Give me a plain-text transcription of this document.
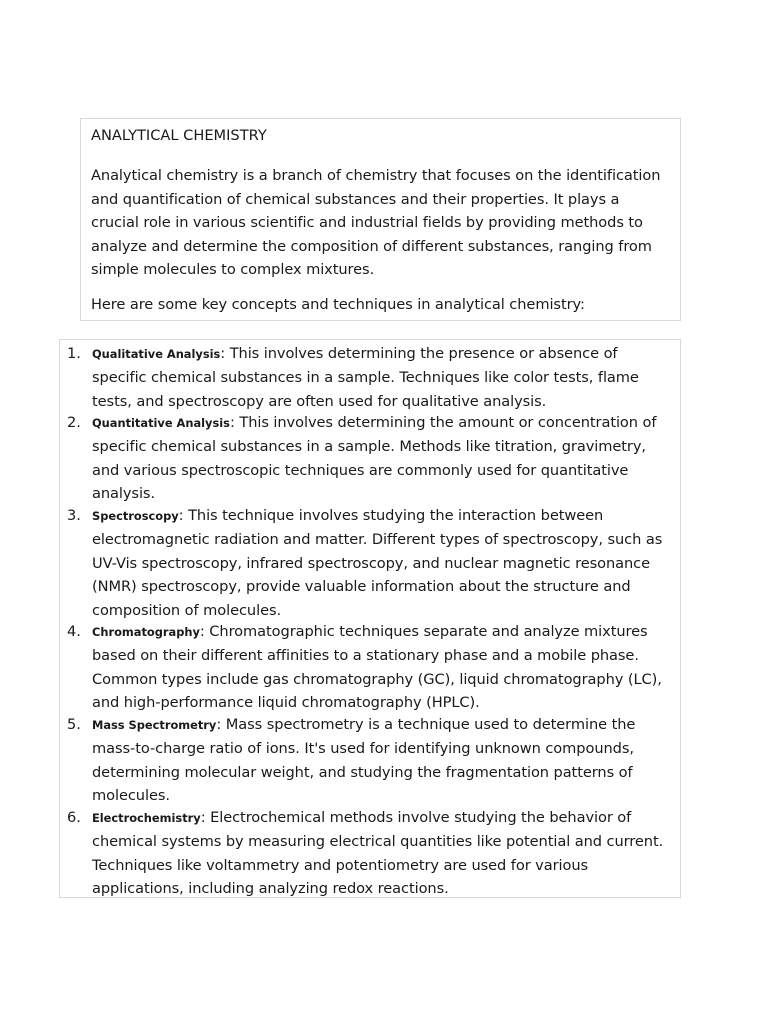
ANALYTICAL CHEMISTRY

Analytical chemistry is a branch of chemistry that focuses on the identification and quantification of chemical substances and their properties. It plays a crucial role in various scientific and industrial fields by providing methods to analyze and determine the composition of different substances, ranging from simple molecules to complex mixtures.

Here are some key concepts and techniques in analytical chemistry:

1. Qualitative Analysis: This involves determining the presence or absence of specific chemical substances in a sample. Techniques like color tests, flame tests, and spectroscopy are often used for qualitative analysis.
2. Quantitative Analysis: This involves determining the amount or concentration of specific chemical substances in a sample. Methods like titration, gravimetry, and various spectroscopic techniques are commonly used for quantitative analysis.
3. Spectroscopy: This technique involves studying the interaction between electromagnetic radiation and matter. Different types of spectroscopy, such as UV-Vis spectroscopy, infrared spectroscopy, and nuclear magnetic resonance (NMR) spectroscopy, provide valuable information about the structure and composition of molecules.
4. Chromatography: Chromatographic techniques separate and analyze mixtures based on their different affinities to a stationary phase and a mobile phase. Common types include gas chromatography (GC), liquid chromatography (LC), and high-performance liquid chromatography (HPLC).
5. Mass Spectrometry: Mass spectrometry is a technique used to determine the mass-to-charge ratio of ions. It's used for identifying unknown compounds, determining molecular weight, and studying the fragmentation patterns of molecules.
6. Electrochemistry: Electrochemical methods involve studying the behavior of chemical systems by measuring electrical quantities like potential and current. Techniques like voltammetry and potentiometry are used for various applications, including analyzing redox reactions.
